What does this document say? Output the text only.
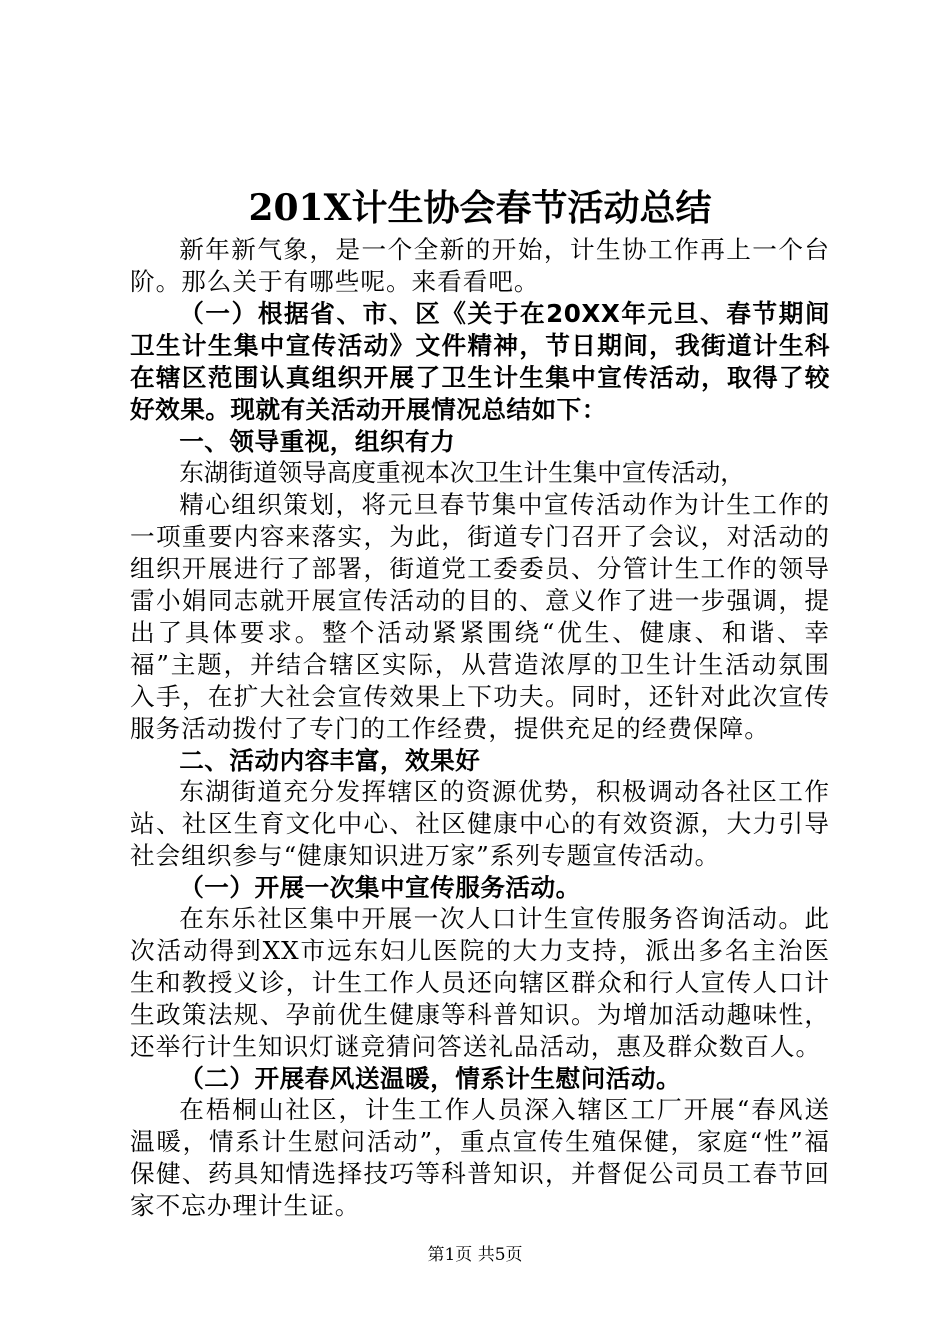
201X计生协会春节活动总结

新年新气象，是一个全新的开始，计生协工作再上一个台阶。那么关于有哪些呢。来看看吧。

（一）根据省、市、区《关于在20XX年元旦、春节期间卫生计生集中宣传活动》文件精神，节日期间，我街道计生科在辖区范围认真组织开展了卫生计生集中宣传活动，取得了较好效果。现就有关活动开展情况总结如下：

一、领导重视，组织有力

东湖街道领导高度重视本次卫生计生集中宣传活动，

精心组织策划，将元旦春节集中宣传活动作为计生工作的一项重要内容来落实，为此，街道专门召开了会议，对活动的组织开展进行了部署，街道党工委委员、分管计生工作的领导雷小娟同志就开展宣传活动的目的、意义作了进一步强调，提出了具体要求。整个活动紧紧围绕“优生、健康、和谐、幸福”主题，并结合辖区实际，从营造浓厚的卫生计生活动氛围入手，在扩大社会宣传效果上下功夫。同时，还针对此次宣传服务活动拨付了专门的工作经费，提供充足的经费保障。

二、活动内容丰富，效果好

东湖街道充分发挥辖区的资源优势，积极调动各社区工作站、社区生育文化中心、社区健康中心的有效资源，大力引导社会组织参与“健康知识进万家”系列专题宣传活动。

（一）开展一次集中宣传服务活动。

在东乐社区集中开展一次人口计生宣传服务咨询活动。此次活动得到XX市远东妇儿医院的大力支持，派出多名主治医生和教授义诊，计生工作人员还向辖区群众和行人宣传人口计生政策法规、孕前优生健康等科普知识。为增加活动趣味性，还举行计生知识灯谜竞猜问答送礼品活动，惠及群众数百人。

（二）开展春风送温暖，情系计生慰问活动。

在梧桐山社区，计生工作人员深入辖区工厂开展“春风送温暖，情系计生慰问活动”，重点宣传生殖保健，家庭“性”福保健、药具知情选择技巧等科普知识，并督促公司员工春节回家不忘办理计生证。

第1页 共5页
